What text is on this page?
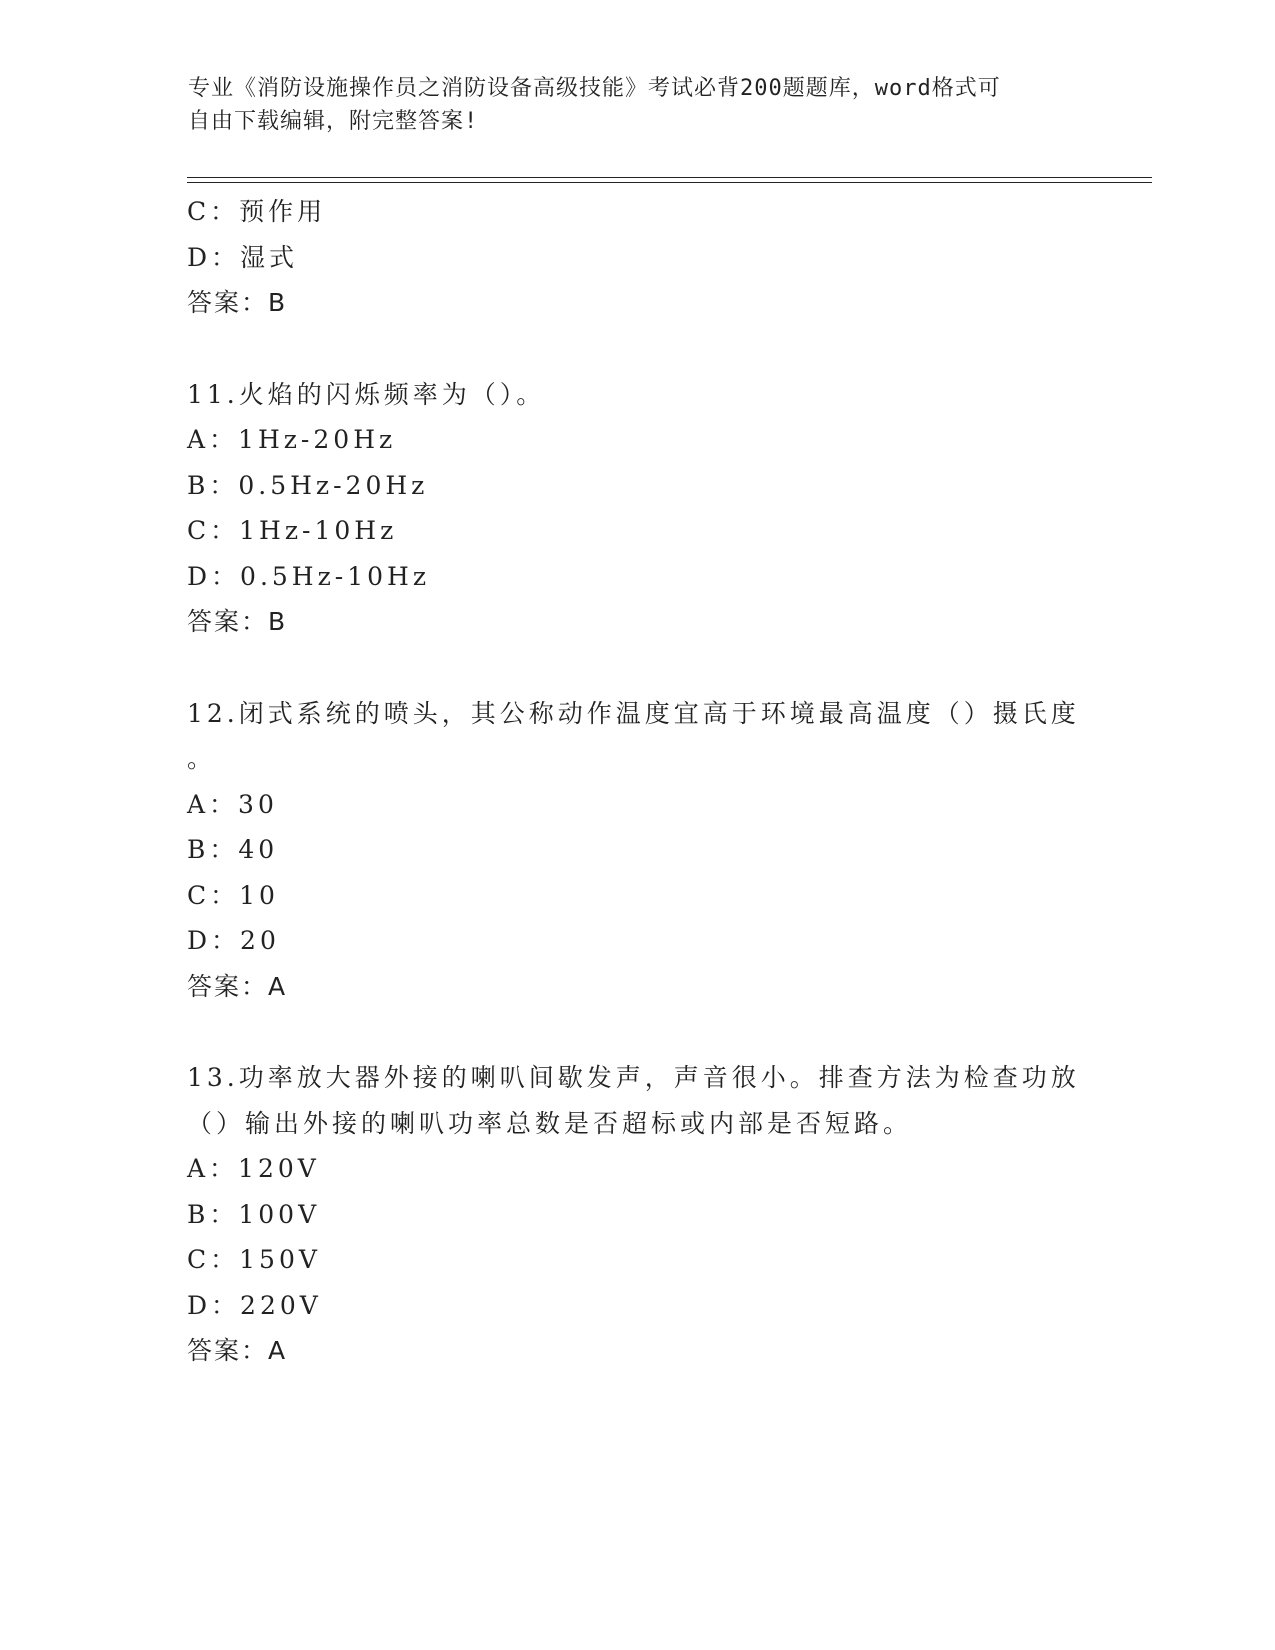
专业《消防设施操作员之消防设备高级技能》考试必背200题题库，word格式可
自由下载编辑，附完整答案!
C：预作用
D：湿式
答案：B
11.火焰的闪烁频率为（）。
A：1Hz-20Hz
B：0.5Hz-20Hz
C：1Hz-10Hz
D：0.5Hz-10Hz
答案：B
12.闭式系统的喷头，其公称动作温度宜高于环境最高温度（）摄氏度
。
A：30
B：40
C：10
D：20
答案：A
13.功率放大器外接的喇叭间歇发声，声音很小。排查方法为检查功放
（）输出外接的喇叭功率总数是否超标或内部是否短路。
A：120V
B：100V
C：150V
D：220V
答案：A
